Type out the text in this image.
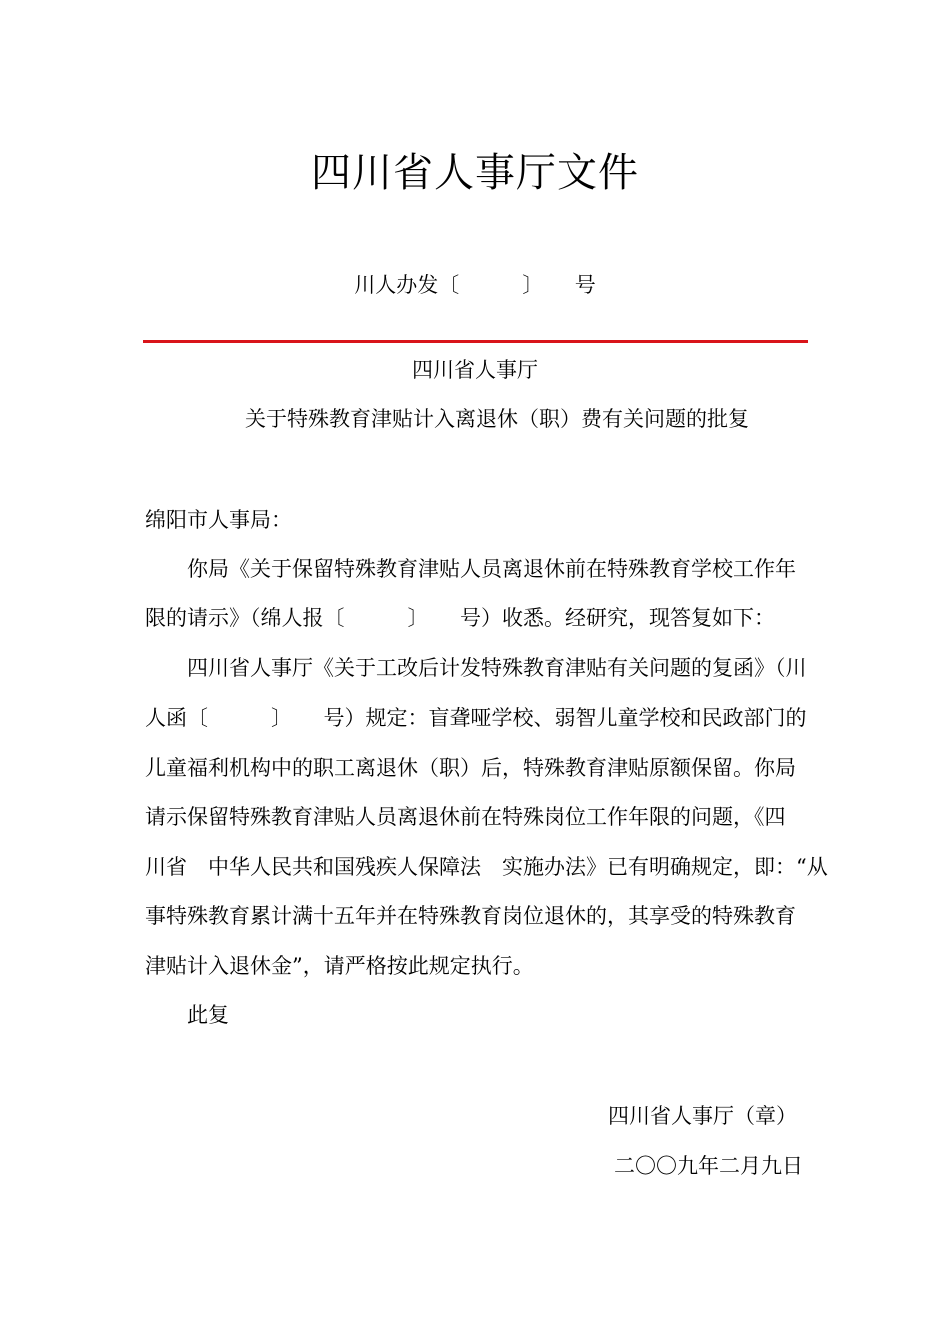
四川省人事厅文件
川人办发〔　　　〕　　号
四川省人事厅
关于特殊教育津贴计入离退休（职）费有关问题的批复
绵阳市人事局：
　　你局《关于保留特殊教育津贴人员离退休前在特殊教育学校工作年
限的请示》（绵人报〔　　　〕　　号）收悉。经研究，现答复如下：
　　四川省人事厅《关于工改后计发特殊教育津贴有关问题的复函》（川
人函〔　　　〕　　号）规定：盲聋哑学校、弱智儿童学校和民政部门的
儿童福利机构中的职工离退休（职）后，特殊教育津贴原额保留。你局
请示保留特殊教育津贴人员离退休前在特殊岗位工作年限的问题，《四
川省　中华人民共和国残疾人保障法　实施办法》已有明确规定，即：“从
事特殊教育累计满十五年并在特殊教育岗位退休的，其享受的特殊教育
津贴计入退休金”，请严格按此规定执行。
　　此复
四川省人事厅（章）
二〇〇九年二月九日
